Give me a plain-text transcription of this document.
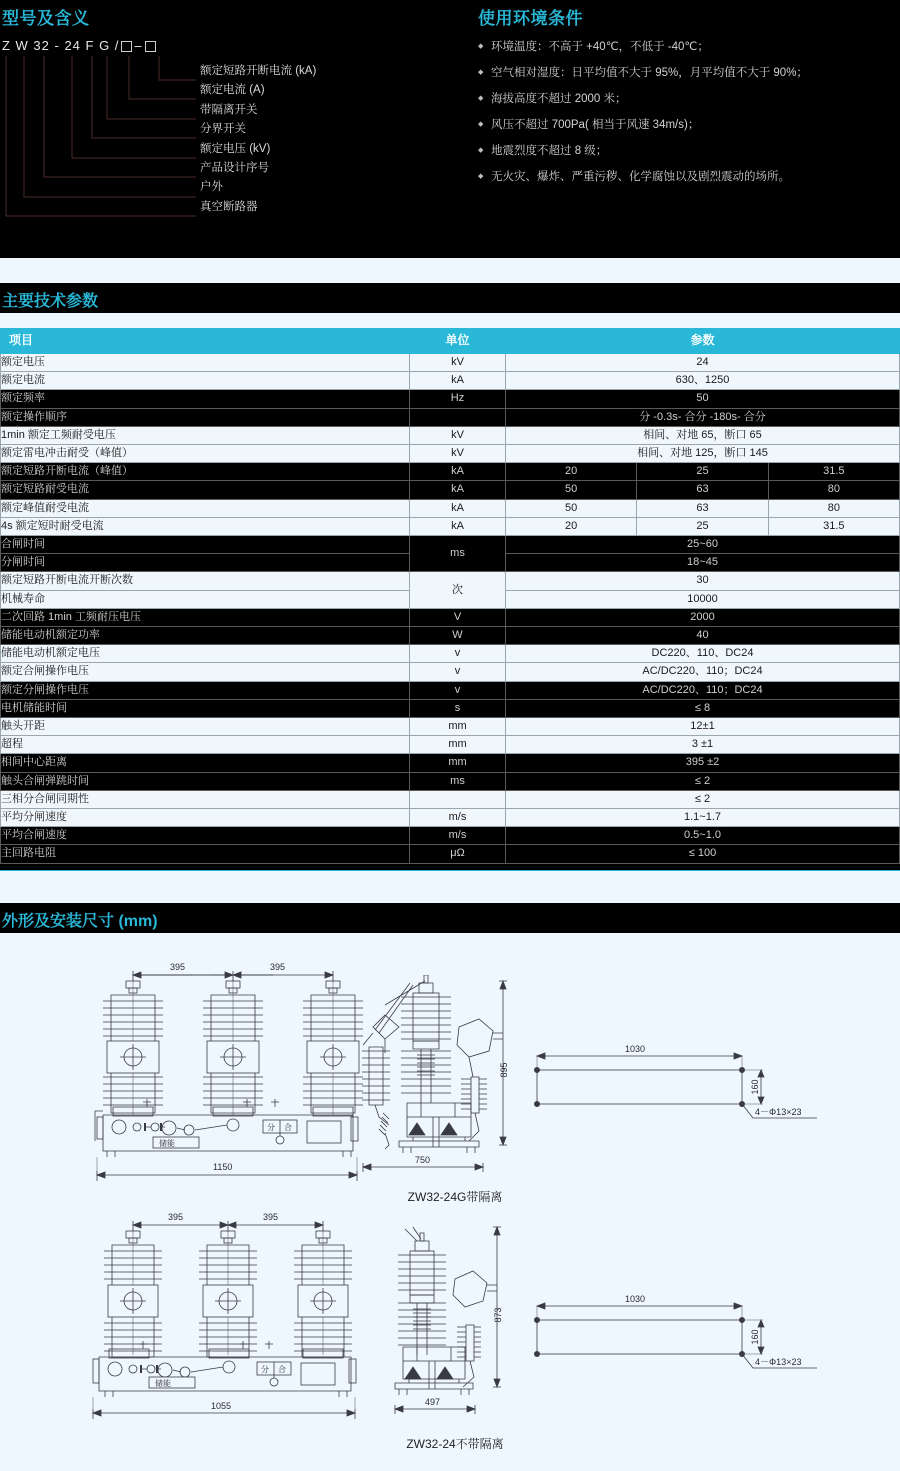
型号及含义	使用环境条件
Z W 32 - 24 F G / –
额定短路开断电流 (kA)
额定电流 (A)
带隔离开关
分界开关
额定电压 (kV)
产品设计序号
户外
真空断路器
◆ 环境温度：不高于 +40℃，不低于 -40℃；
◆ 空气相对湿度：日平均值不大于 95%，月平均值不大于 90%；
◆ 海拔高度不超过 2000 米；
◆ 风压不超过 700Pa( 相当于风速 34m/s)；
◆ 地震烈度不超过 8 级；
◆ 无火灾、爆炸、严重污秽、化学腐蚀以及剧烈震动的场所。
主要技术参数
项目	单位	参数		
额定电压	kV	24		
额定电流	kA	630、1250		
额定频率	Hz	50		
额定操作顺序		分 -0.3s- 合分 -180s- 合分		
1min 额定工频耐受电压	kV	相间、对地 65，断口 65		
额定雷电冲击耐受（峰值）	kV	相间、对地 125，断口 145		
额定短路开断电流（峰值）	kA	20	25	31.5
额定短路耐受电流	kA	50	63	80
额定峰值耐受电流	kA	50	63	80
4s 额定短时耐受电流	kA	20	25	31.5
合闸时间	ms	25~60		
分闸时间		18~45		
额定短路开断电流开断次数	次	30		
机械寿命		10000		
二次回路 1min 工频耐压电压	V	2000		
储能电动机额定功率	W	40		
储能电动机额定电压	v	DC220、110、DC24		
额定合闸操作电压	v	AC/DC220、110；DC24		
额定分闸操作电压	v	AC/DC220、110；DC24		
电机储能时间	s	≤ 8		
触头开距	mm	12±1		
超程	mm	3 ±1		
相间中心距离	mm	395 ±2		
触头合闸弹跳时间	ms	≤ 2		
三相分合闸同期性		≤ 2		
平均分闸速度	m/s	1.1~1.7		
平均合闸速度	m/s	0.5~1.0		
主回路电阻	μΩ	≤ 100		
外形及安装尺寸 (mm)
395	395
储能
分 合
1150
895
750
ZW32-24G带隔离
1030
160
4－Φ13×23
395	395
储能
分 合
1055
873
497
ZW32-24不带隔离
1030
160
4－Φ13×23
